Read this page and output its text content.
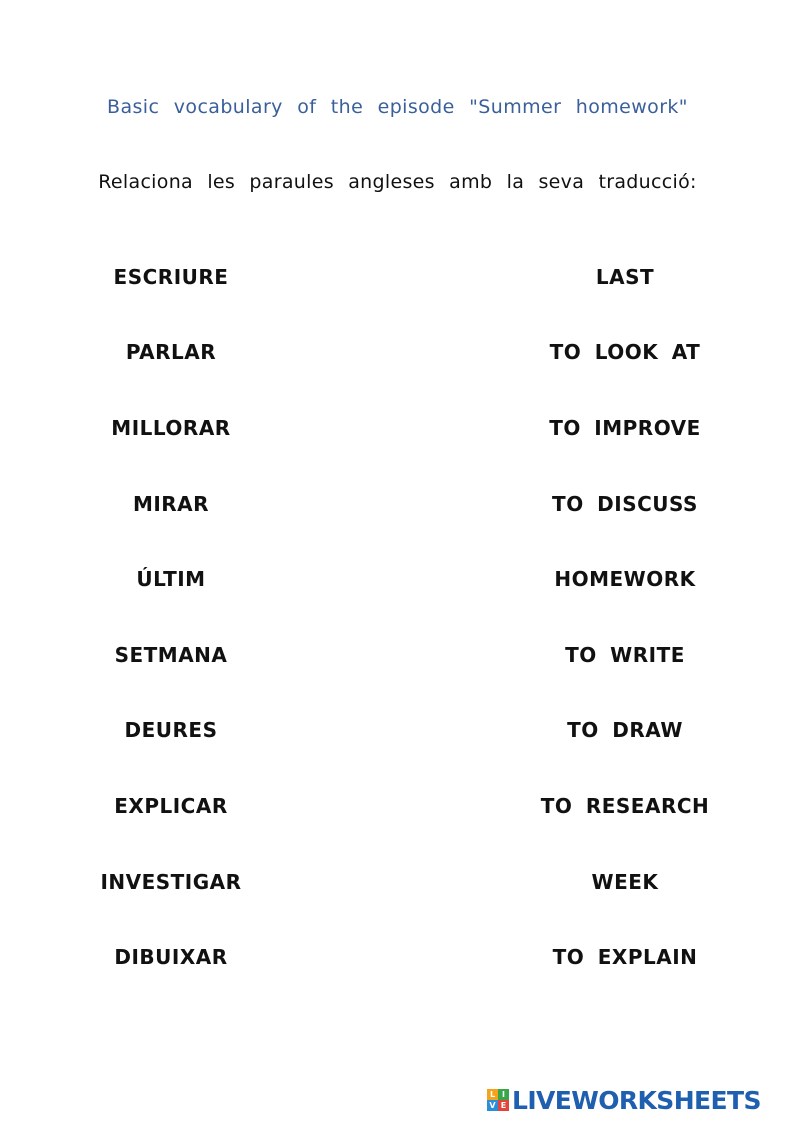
Basic vocabulary of the episode "Summer homework"
Relaciona les paraules angleses amb la seva traducció:
ESCRIURE
PARLAR
MILLORAR
MIRAR
ÚLTIM
SETMANA
DEURES
EXPLICAR
INVESTIGAR
DIBUIXAR
LAST
TO LOOK AT
TO IMPROVE
TO DISCUSS
HOMEWORK
TO WRITE
TO DRAW
TO RESEARCH
WEEK
TO EXPLAIN
L I
V E LIVEWORKSHEETS
